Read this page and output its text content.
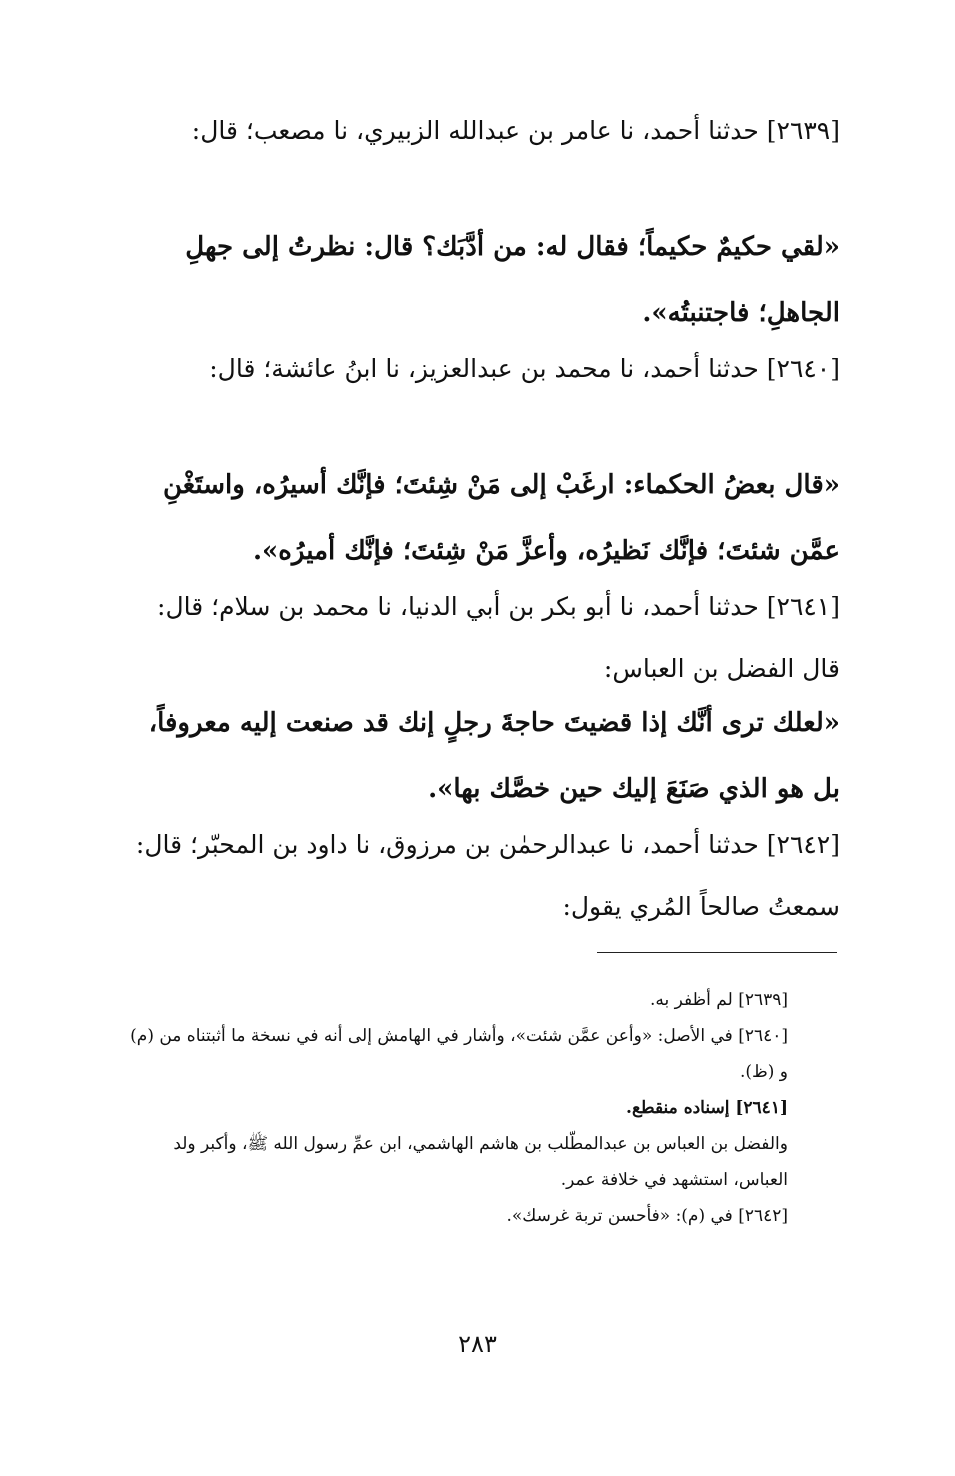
[٢٦٣٩] حدثنا أحمد، نا عامر بن عبدالله الزبيري، نا مصعب؛ قال:

«لقي حكيمٌ حكيماً؛ فقال له: من أدَّبَك؟ قال: نظرتُ إلى جهلِ الجاهلِ؛ فاجتنبتُه».

[٢٦٤٠] حدثنا أحمد، نا محمد بن عبدالعزيز، نا ابنُ عائشة؛ قال:

«قال بعضُ الحكماء: ارغَبْ إلى مَنْ شِئتَ؛ فإنَّك أسيرُه، واستَغْنِ عمَّن شئتَ؛ فإنَّك نَظيرُه، وأعزَّ مَنْ شِئتَ؛ فإنَّك أميرُه».

[٢٦٤١] حدثنا أحمد، نا أبو بكر بن أبي الدنيا، نا محمد بن سلام؛ قال: قال الفضل بن العباس:

«لعلك ترى أنَّك إذا قضيتَ حاجةَ رجلٍ إنك قد صنعت إليه معروفاً، بل هو الذي صَنَعَ إليك حين خصَّك بها».

[٢٦٤٢] حدثنا أحمد، نا عبدالرحمٰن بن مرزوق، نا داود بن المحبّر؛ قال: سمعتُ صالحاً المُري يقول:

[٢٦٣٩] لم أظفر به.

[٢٦٤٠] في الأصل: «وأعن عمَّن شئت»، وأشار في الهامش إلى أنه في نسخة ما أثبتناه من (م) و (ظ).

[٢٦٤١] إسناده منقطع.

والفضل بن العباس بن عبدالمطّلب بن هاشم الهاشمي، ابن عمِّ رسول الله ﷺ، وأكبر ولد العباس، استشهد في خلافة عمر.

[٢٦٤٢] في (م): «فأحسن تربة غرسك».

٢٨٣
